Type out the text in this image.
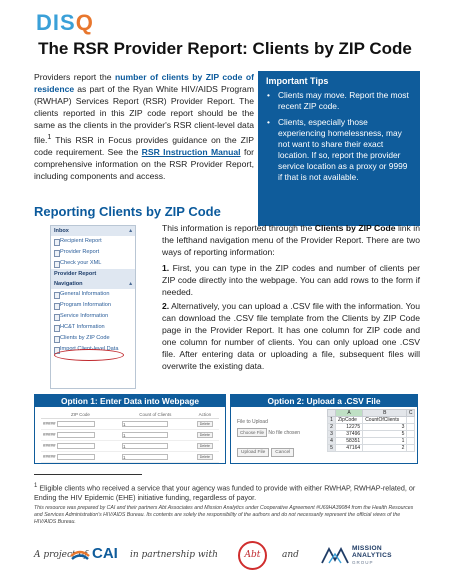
DISQ
The RSR Provider Report: Clients by ZIP Code
Providers report the number of clients by ZIP code of residence as part of the Ryan White HIV/AIDS Program (RWHAP) Services Report (RSR) Provider Report. The clients reported in this ZIP code report should be the same as the clients in the provider's RSR client-level data file.$^1$ This RSR in Focus provides guidance on the ZIP code requirement. See the RSR Instruction Manual for comprehensive information on the RSR Provider Report, including components and access.
Important Tips
• Clients may move. Report the most recent ZIP code.
• Clients, especially those experiencing homelessness, may not want to share their exact location. If so, report the provider service location as a proxy or 9999 if that is not available.
Reporting Clients by ZIP Code
Inbox	▴
Recipient Report
Provider Report
Check your XML
Provider Report
Navigation	▴
General Information
Program Information
Service Information
HC&T Information
Clients by ZIP Code
Import Client-level Data

This information is reported through the Clients by ZIP Code link in the lefthand navigation menu of the Provider Report. There are two ways of reporting information:

1. First, you can type in the ZIP codes and number of clients per ZIP code directly into the webpage. You can add rows to the form if needed.

2. Alternatively, you can upload a .CSV file with the information. You can download the .CSV file template from the Clients by ZIP Code page in the Provider Report. It has one column for ZIP code and one column for number of clients. You can only upload one .CSV file. After entering data or uploading a file, subsequent files will overwrite the existing data.

Option 1: Enter Data into Webpage
ZIP Code	Count of Clients	Action
#####	1	Delete
#####	1	Delete
#####	1	Delete
#####	1	Delete
Option 2: Upload a .CSV File
File to Upload
Choose File No file chosen
Upload File Cancel
	A	B	C
1	ZipCode	CountOfClients	
2	12275	3	
3	37496	5	
4	58351	1	
5	47164	2	

$^1$ Eligible clients who received a service that your agency was funded to provide with either RWHAP, RWHAP-related, or Ending the HIV Epidemic (EHE) initiative funding, regardless of payor.

This resource was prepared by CAI and their partners Abt Associates and Mission Analytics under Cooperative Agreement #U69HA39084 from the Health Resources and Services Administration's HIV/AIDS Bureau. Its contents are solely the responsibility of the authors and do not necessarily represent the official views of the HIV/AIDS Bureau.

A project of CAI in partnership with	Abt	and
MISSION
ANALYTICS
GROUP
